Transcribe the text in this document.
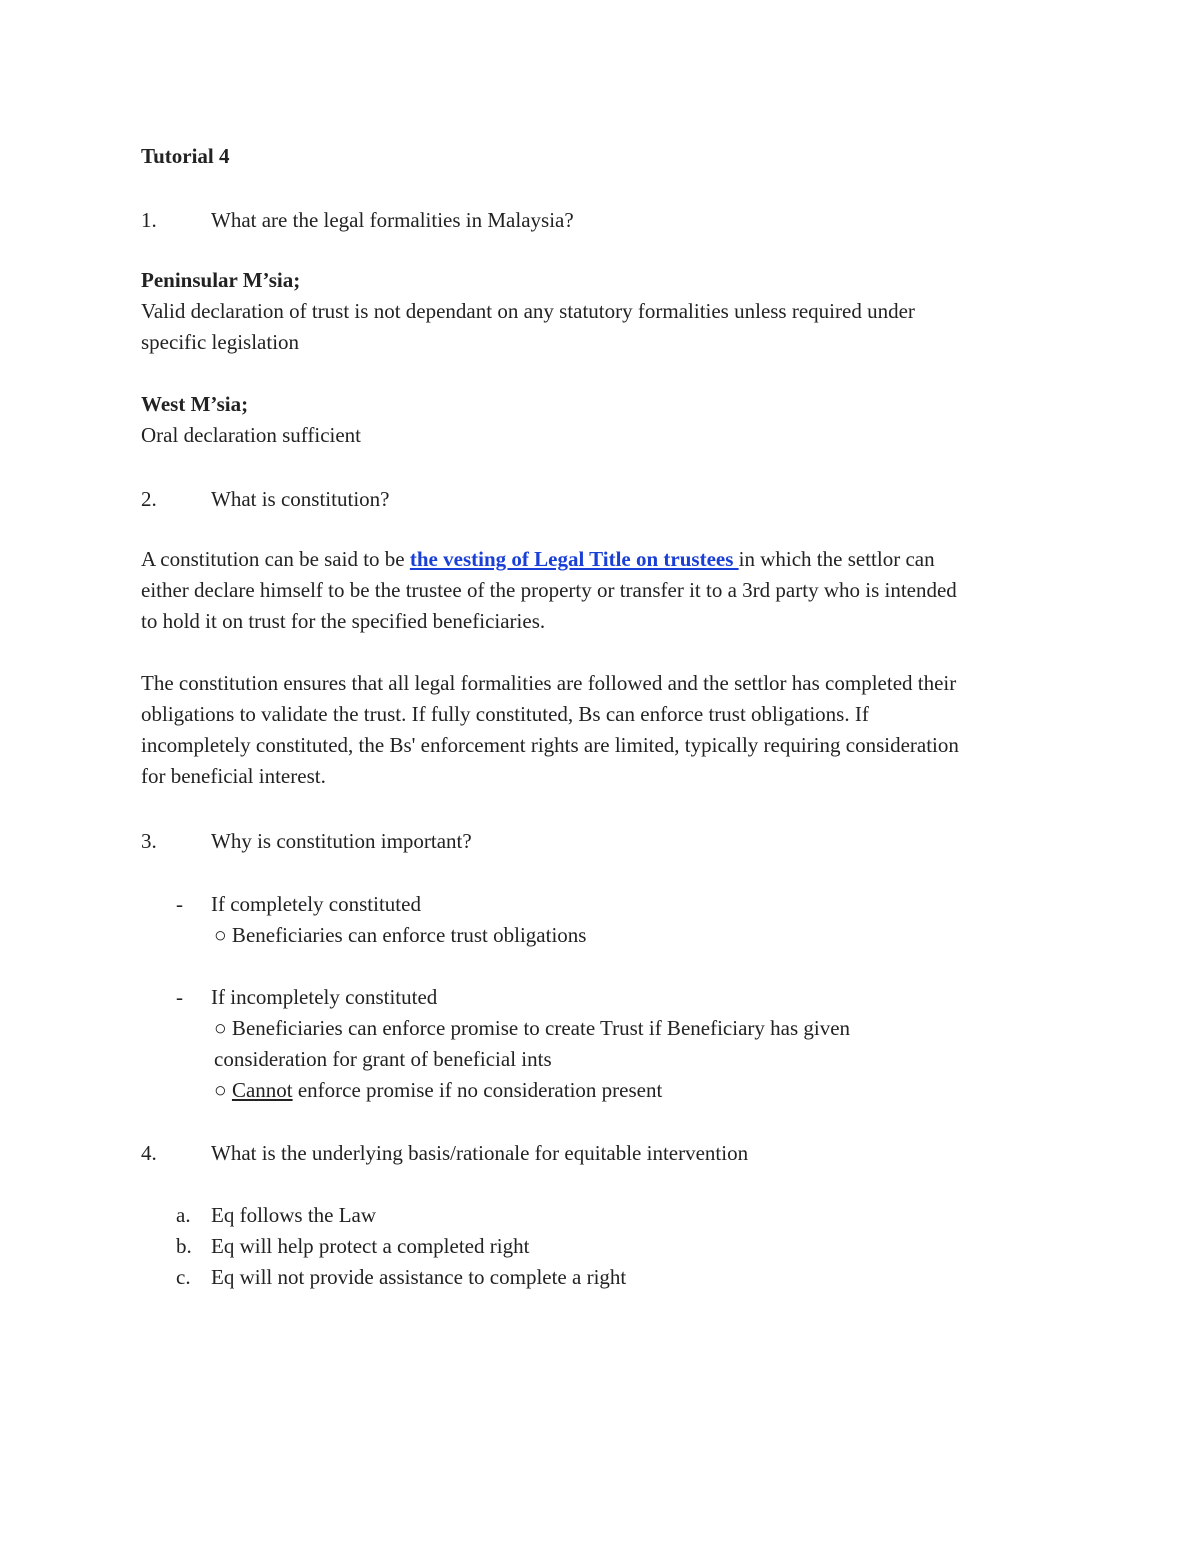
Tutorial 4
1.	What are the legal formalities in Malaysia?
Peninsular M’sia;
Valid declaration of trust is not dependant on any statutory formalities unless required under
specific legislation
West M’sia;
Oral declaration sufficient
2.	What is constitution?
A constitution can be said to be the vesting of Legal Title on trustees in which the settlor can
either declare himself to be the trustee of the property or transfer it to a 3rd party who is intended
to hold it on trust for the specified beneficiaries.
The constitution ensures that all legal formalities are followed and the settlor has completed their
obligations to validate the trust. If fully constituted, Bs can enforce trust obligations. If
incompletely constituted, the Bs' enforcement rights are limited, typically requiring consideration
for beneficial interest.
3.	Why is constitution important?
- If completely constituted
○ Beneficiaries can enforce trust obligations
- If incompletely constituted
○ Beneficiaries can enforce promise to create Trust if Beneficiary has given
consideration for grant of beneficial ints
○ Cannot enforce promise if no consideration present
4.	What is the underlying basis/rationale for equitable intervention
a. Eq follows the Law
b. Eq will help protect a completed right
c. Eq will not provide assistance to complete a right
